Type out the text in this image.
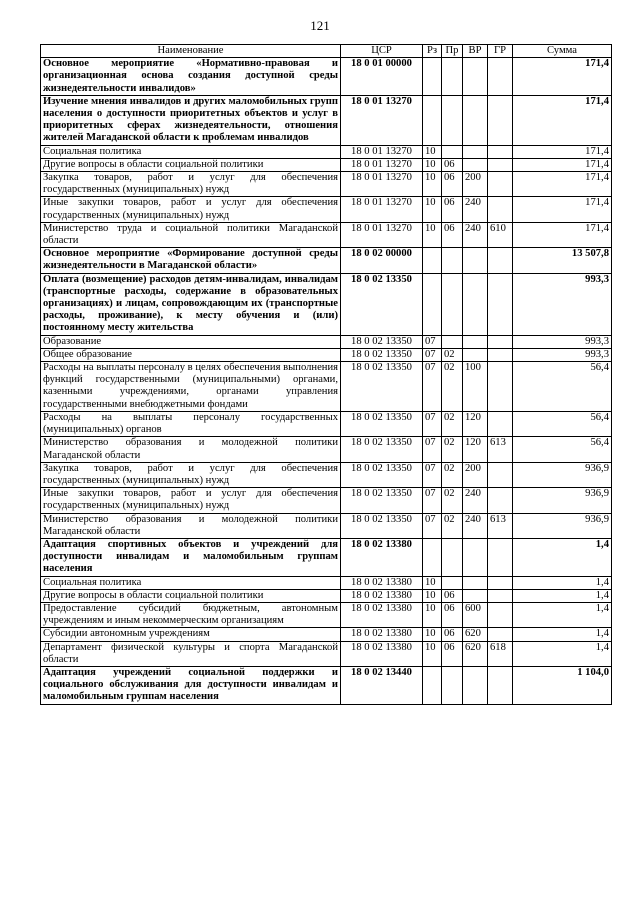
121
Наименование	ЦСР	Рз	Пр	ВР	ГР	Сумма
Основное мероприятие «Нормативно-правовая и организационная основа создания доступной среды жизнедеятельности инвалидов»	18 0 01 00000					171,4
Изучение мнения инвалидов и других маломобильных групп населения о доступности приоритетных объектов и услуг в приоритетных сферах жизнедеятельности, отношения жителей Магаданской области к проблемам инвалидов	18 0 01 13270					171,4
Социальная политика	18 0 01 13270	10				171,4
Другие вопросы в области социальной политики	18 0 01 13270	10	06			171,4
Закупка товаров, работ и услуг для обеспечения государственных (муниципальных) нужд	18 0 01 13270	10	06	200		171,4
Иные закупки товаров, работ и услуг для обеспечения государственных (муниципальных) нужд	18 0 01 13270	10	06	240		171,4
Министерство труда и социальной политики Магаданской области	18 0 01 13270	10	06	240	610	171,4
Основное мероприятие «Формирование доступной среды жизнедеятельности в Магаданской области»	18 0 02 00000					13 507,8
Оплата (возмещение) расходов детям-инвалидам, инвалидам (транспортные расходы, содержание в образовательных организациях) и лицам, сопровождающим их (транспортные расходы, проживание), к месту обучения и (или) постоянному месту жительства	18 0 02 13350					993,3
Образование	18 0 02 13350	07				993,3
Общее образование	18 0 02 13350	07	02			993,3
Расходы на выплаты персоналу в целях обеспечения выполнения функций государственными (муниципальными) органами, казенными учреждениями, органами управления государственными внебюджетными фондами	18 0 02 13350	07	02	100		56,4
Расходы на выплаты персоналу государственных (муниципальных) органов	18 0 02 13350	07	02	120		56,4
Министерство образования и молодежной политики Магаданской области	18 0 02 13350	07	02	120	613	56,4
Закупка товаров, работ и услуг для обеспечения государственных (муниципальных) нужд	18 0 02 13350	07	02	200		936,9
Иные закупки товаров, работ и услуг для обеспечения государственных (муниципальных) нужд	18 0 02 13350	07	02	240		936,9
Министерство образования и молодежной политики Магаданской области	18 0 02 13350	07	02	240	613	936,9
Адаптация спортивных объектов и учреждений для доступности инвалидам и маломобильным группам населения	18 0 02 13380					1,4
Социальная политика	18 0 02 13380	10				1,4
Другие вопросы в области социальной политики	18 0 02 13380	10	06			1,4
Предоставление субсидий бюджетным, автономным учреждениям и иным некоммерческим организациям	18 0 02 13380	10	06	600		1,4
Субсидии автономным учреждениям	18 0 02 13380	10	06	620		1,4
Департамент физической культуры и спорта Магаданской области	18 0 02 13380	10	06	620	618	1,4
Адаптация учреждений социальной поддержки и социального обслуживания для доступности инвалидам и маломобильным группам населения	18 0 02 13440					1 104,0
